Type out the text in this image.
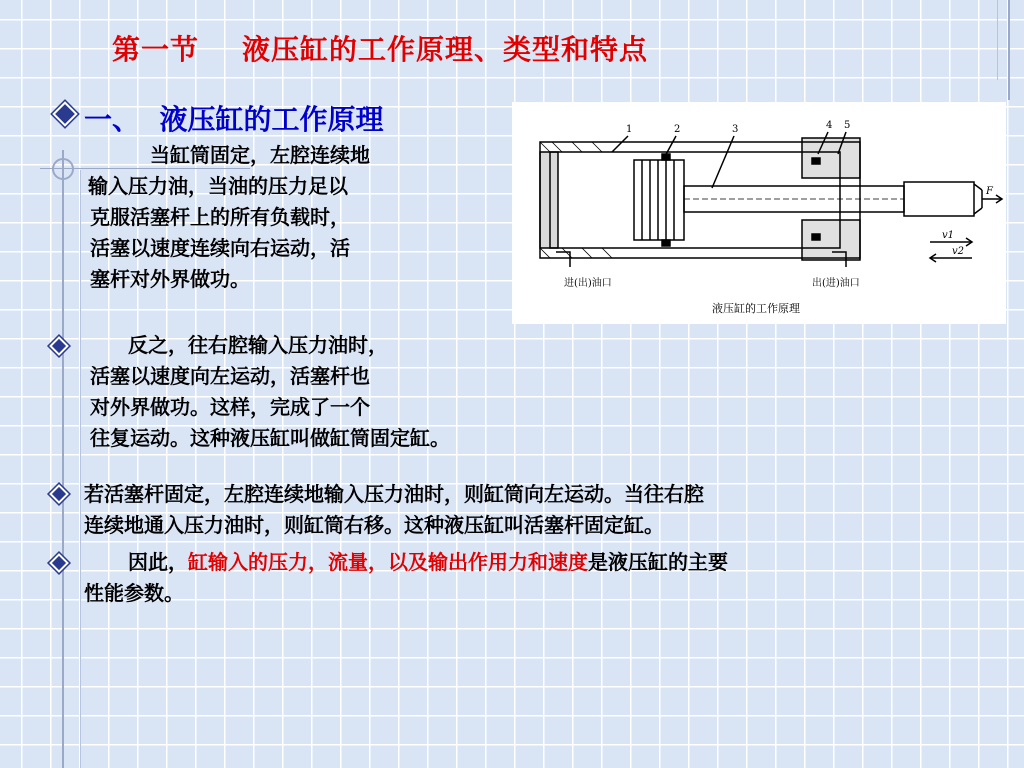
第一节    液压缸的工作原理、类型和特点
一、  液压缸的工作原理

当缸筒固定，左腔连续地

输入压力油，当油的压力足以

克服活塞杆上的所有负载时，

活塞以速度连续向右运动，活

塞杆对外界做功。

反之，往右腔输入压力油时，

活塞以速度向左运动，活塞杆也

对外界做功。这样，完成了一个

往复运动。这种液压缸叫做缸筒固定缸。

若活塞杆固定，左腔连续地输入压力油时，则缸筒向左运动。当往右腔

连续地通入压力油时，则缸筒右移。这种液压缸叫活塞杆固定缸。

因此，缸输入的压力，流量，以及输出作用力和速度是液压缸的主要

性能参数。

1	2	3	4 5
F
v1
v2
进(出)油口	出(进)油口
液压缸的工作原理
